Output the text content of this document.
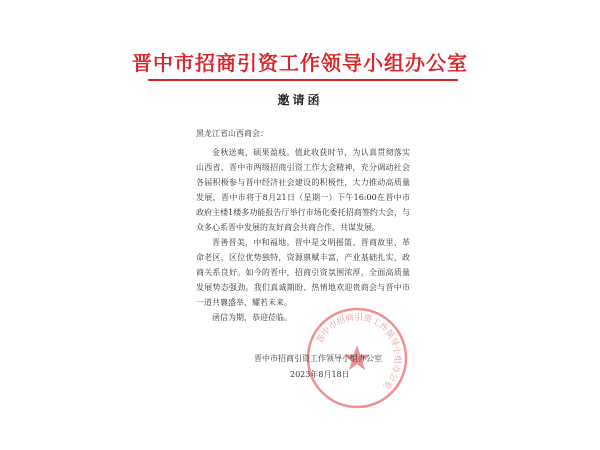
晋中市招商引资工作领导小组办公室
邀请函
黑龙江省山西商会：

金秋送爽，硕果盈枝。值此收获时节，为认真贯彻落实山西省、晋中市两级招商引资工作大会精神，充分调动社会各届积极参与晋中经济社会建设的积极性，大力推动高质量发展，晋中市将于8月21日（星期一）下午16:00在晋中市政府主楼1楼多功能报告厅举行市场化委托招商签约大会，与众多心系晋中发展的友好商会共商合作、共谋发展。

晋善晋美，中和福地。晋中是文明摇篮、晋商故里、革命老区，区位优势独特，资源禀赋丰富，产业基础扎实，政商关系良好。如今的晋中，招商引资氛围浓厚，全面高质量发展势态强劲。我们真诚期盼、热情地欢迎贵商会与晋中市一道共襄盛举，耀若未来。

函信为期，恭迎莅临。

晋中市招商引资工作领导小组办公室
晋中市招商引资工作领导小组办公室
2023年8月18日
